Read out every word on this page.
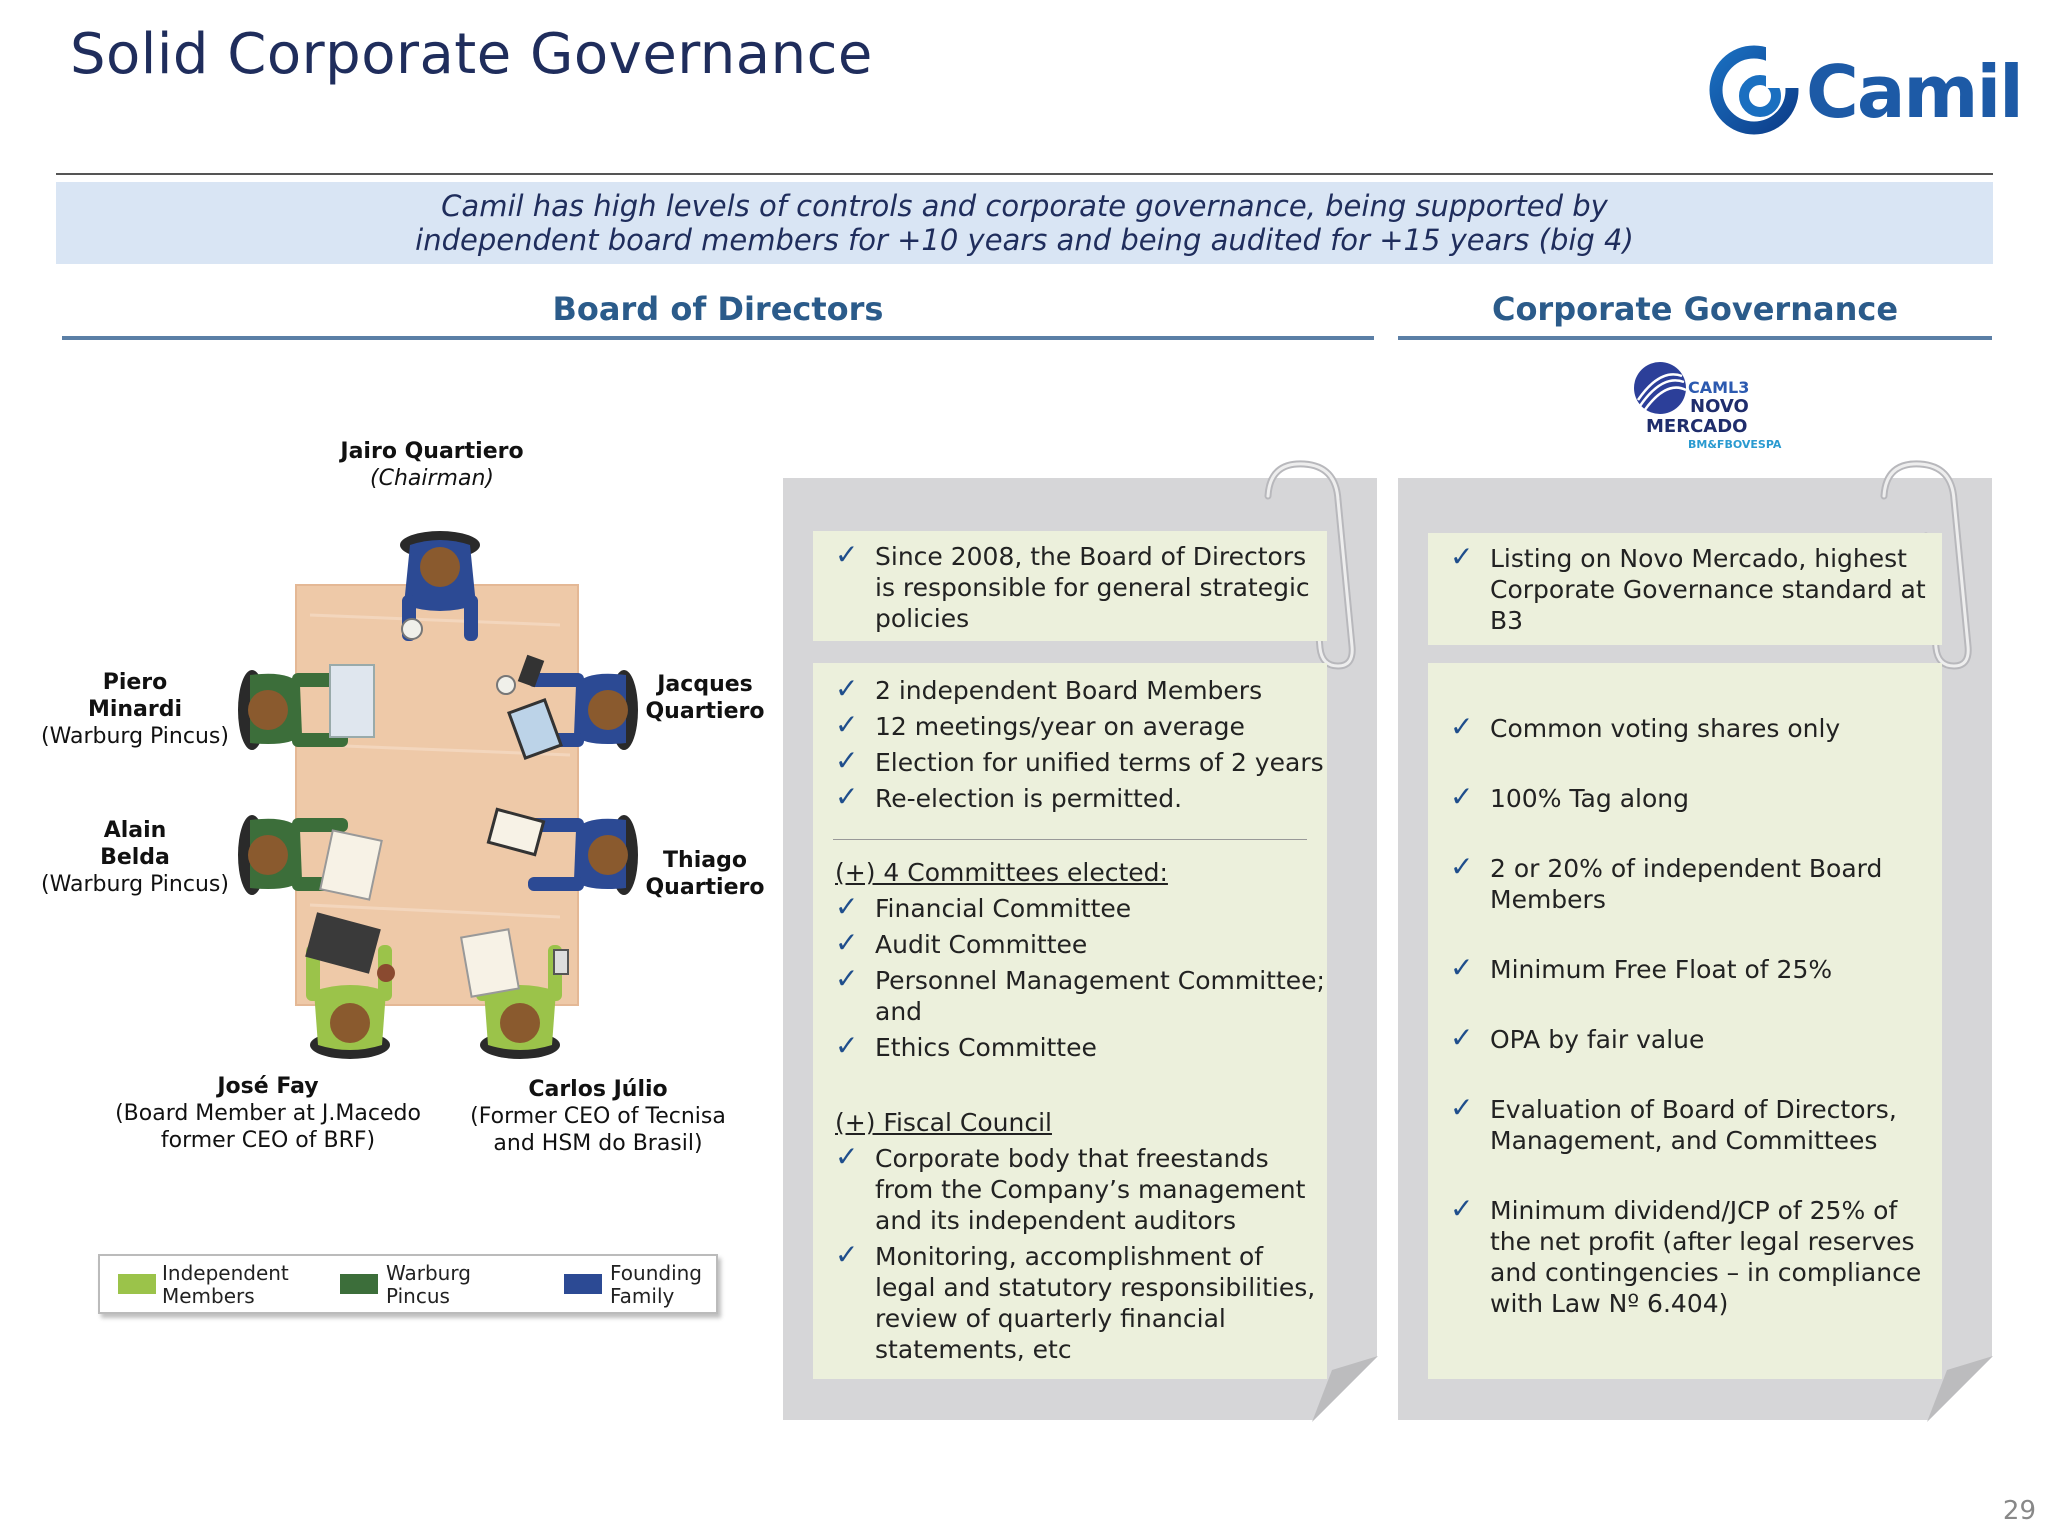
Solid Corporate Governance	Camil
Camil has high levels of controls and corporate governance, being supported by
independent board members for +10 years and being audited for +15 years (big 4)
Board of Directors	Corporate Governance
Jairo Quartiero
(Chairman)
Piero
Minardi
(Warburg Pincus)
Alain
Belda
(Warburg Pincus)
Jacques
Quartiero
Thiago
Quartiero
José Fay
(Board Member at J.Macedo
former CEO of BRF)
Carlos Júlio
(Former CEO of Tecnisa
and HSM do Brasil)
Independent
Members
Warburg
Pincus
Founding
Family
✓ Since 2008, the Board of Directors is responsible for general strategic policies
✓ 2 independent Board Members
✓ 12 meetings/year on average
✓ Election for unified terms of 2 years
✓ Re-election is permitted.
(+) 4 Committees elected:
✓ Financial Committee
✓ Audit Committee
✓ Personnel Management Committee; and
✓ Ethics Committee
(+) Fiscal Council
✓ Corporate body that freestands from the Company’s management and its independent auditors
✓ Monitoring, accomplishment of legal and statutory responsibilities, review of quarterly financial statements, etc
CAML3
NOVO
MERCADO
BM&FBOVESPA
✓ Listing on Novo Mercado, highest Corporate Governance standard at B3
✓ Common voting shares only
✓ 100% Tag along
✓ 2 or 20% of independent Board Members
✓ Minimum Free Float of 25%
✓ OPA by fair value
✓ Evaluation of Board of Directors, Management, and Committees
✓ Minimum dividend/JCP of 25% of the net profit (after legal reserves and contingencies – in compliance with Law Nº 6.404)
29
